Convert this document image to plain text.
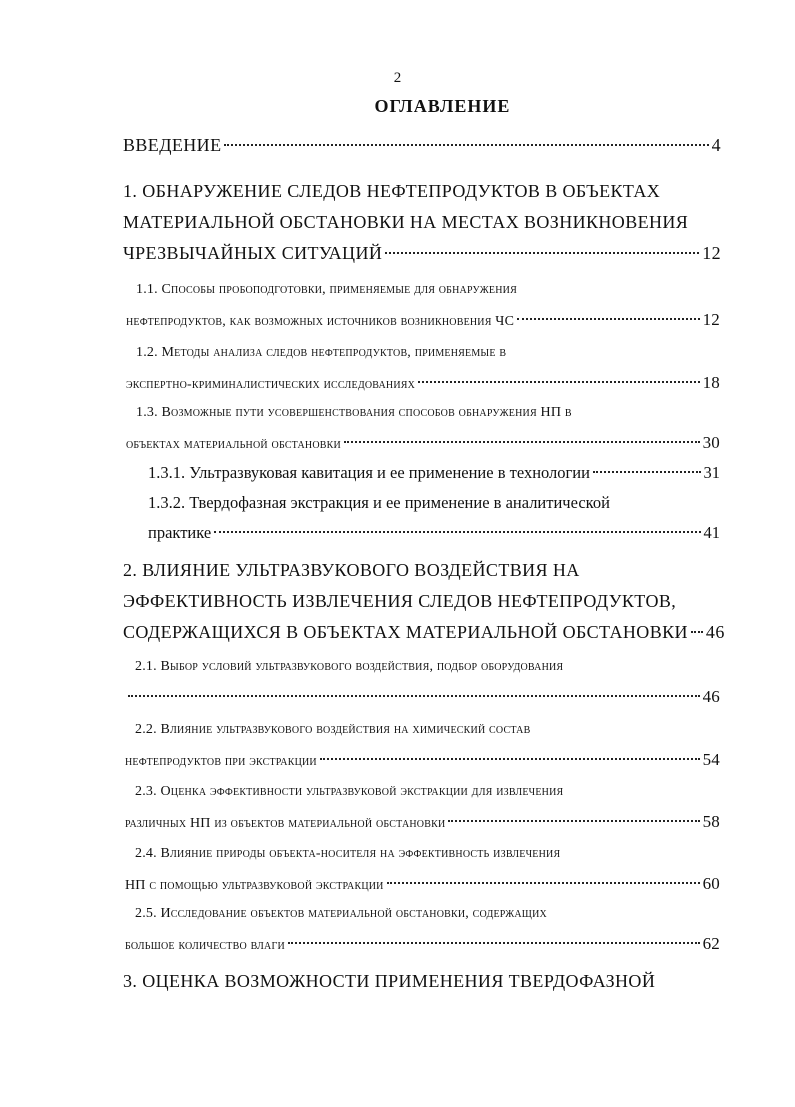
2
ОГЛАВЛЕНИЕ
ВВЕДЕНИЕ	4
1. ОБНАРУЖЕНИЕ СЛЕДОВ НЕФТЕПРОДУКТОВ В ОБЪЕКТАХ
МАТЕРИАЛЬНОЙ ОБСТАНОВКИ НА МЕСТАХ ВОЗНИКНОВЕНИЯ
ЧРЕЗВЫЧАЙНЫХ СИТУАЦИЙ	12
1.1. Способы пробоподготовки, применяемые для обнаружения
нефтепродуктов, как возможных источников возникновения ЧС	12
1.2. Методы анализа следов нефтепродуктов, применяемые в
экспертно-криминалистических исследованиях	18
1.3. Возможные пути усовершенствования способов обнаружения НП в
объектах материальной обстановки	30
1.3.1. Ультразвуковая кавитация и ее применение в технологии	31
1.3.2. Твердофазная экстракция и ее применение в аналитической
практике	41
2. ВЛИЯНИЕ УЛЬТРАЗВУКОВОГО ВОЗДЕЙСТВИЯ НА
ЭФФЕКТИВНОСТЬ ИЗВЛЕЧЕНИЯ СЛЕДОВ НЕФТЕПРОДУКТОВ,
СОДЕРЖАЩИХСЯ В ОБЪЕКТАХ МАТЕРИАЛЬНОЙ ОБСТАНОВКИ 46
2.1. Выбор условий ультразвукового воздействия, подбор оборудования
46
2.2. Влияние ультразвукового воздействия на химический состав
нефтепродуктов при экстракции	54
2.3. Оценка эффективности ультразвуковой экстракции для извлечения
различных НП из объектов материальной обстановки	58
2.4. Влияние природы объекта-носителя на эффективность извлечения
НП с помощью ультразвуковой экстракции	60
2.5. Исследование объектов материальной обстановки, содержащих
большое количество влаги	62
3. ОЦЕНКА ВОЗМОЖНОСТИ ПРИМЕНЕНИЯ ТВЕРДОФАЗНОЙ
